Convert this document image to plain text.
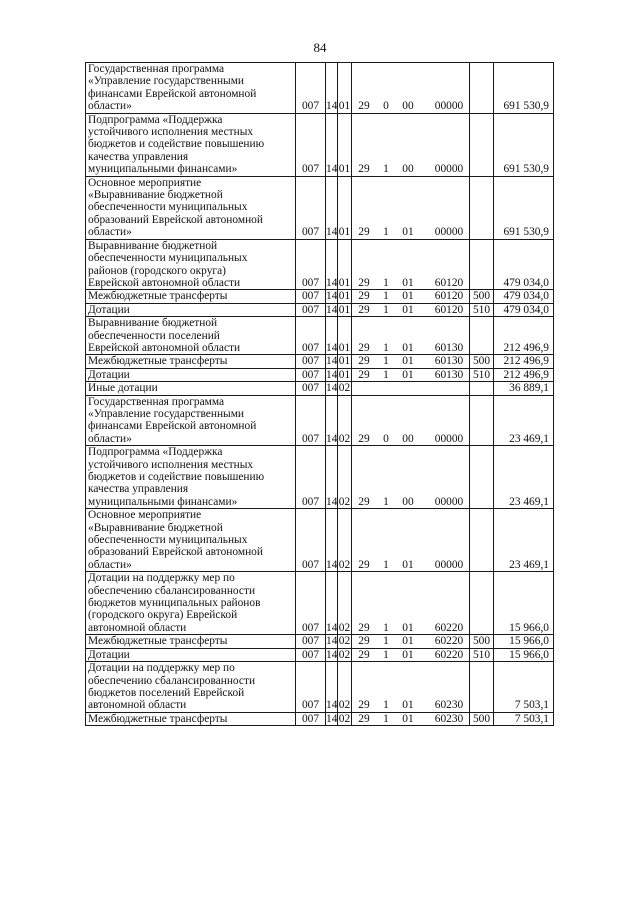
84
Государственная программа
«Управление государственными
финансами Еврейской автономной
области»	007	14	01	29 0 00 00000		691 530,9

Подпрограмма «Поддержка
устойчивого исполнения местных
бюджетов и содействие повышению
качества управления
муниципальными финансами»	007	14	01	29 1 00 00000		691 530,9

Основное мероприятие
«Выравнивание бюджетной
обеспеченности муниципальных
образований Еврейской автономной
области»	007	14	01	29 1 01 00000		691 530,9

Выравнивание бюджетной
обеспеченности муниципальных
районов (городского округа)
Еврейской автономной области	007	14	01	29 1 01 60120		479 034,0

Межбюджетные трансферты	007	14	01	29 1 01 60120	500	479 034,0

Дотации	007	14	01	29 1 01 60120	510	479 034,0

Выравнивание бюджетной
обеспеченности поселений
Еврейской автономной области	007	14	01	29 1 01 60130		212 496,9

Межбюджетные трансферты	007	14	01	29 1 01 60130	500	212 496,9

Дотации	007	14	01	29 1 01 60130	510	212 496,9

Иные дотации	007	14	02			36 889,1

Государственная программа
«Управление государственными
финансами Еврейской автономной
области»	007	14	02	29 0 00 00000		23 469,1

Подпрограмма «Поддержка
устойчивого исполнения местных
бюджетов и содействие повышению
качества управления
муниципальными финансами»	007	14	02	29 1 00 00000		23 469,1

Основное мероприятие
«Выравнивание бюджетной
обеспеченности муниципальных
образований Еврейской автономной
области»	007	14	02	29 1 01 00000		23 469,1

Дотации на поддержку мер по
обеспечению сбалансированности
бюджетов муниципальных районов
(городского округа) Еврейской
автономной области	007	14	02	29 1 01 60220		15 966,0

Межбюджетные трансферты	007	14	02	29 1 01 60220	500	15 966,0

Дотации	007	14	02	29 1 01 60220	510	15 966,0

Дотации на поддержку мер по
обеспечению сбалансированности
бюджетов поселений Еврейской
автономной области	007	14	02	29 1 01 60230		7 503,1

Межбюджетные трансферты	007	14	02	29 1 01 60230	500	7 503,1
